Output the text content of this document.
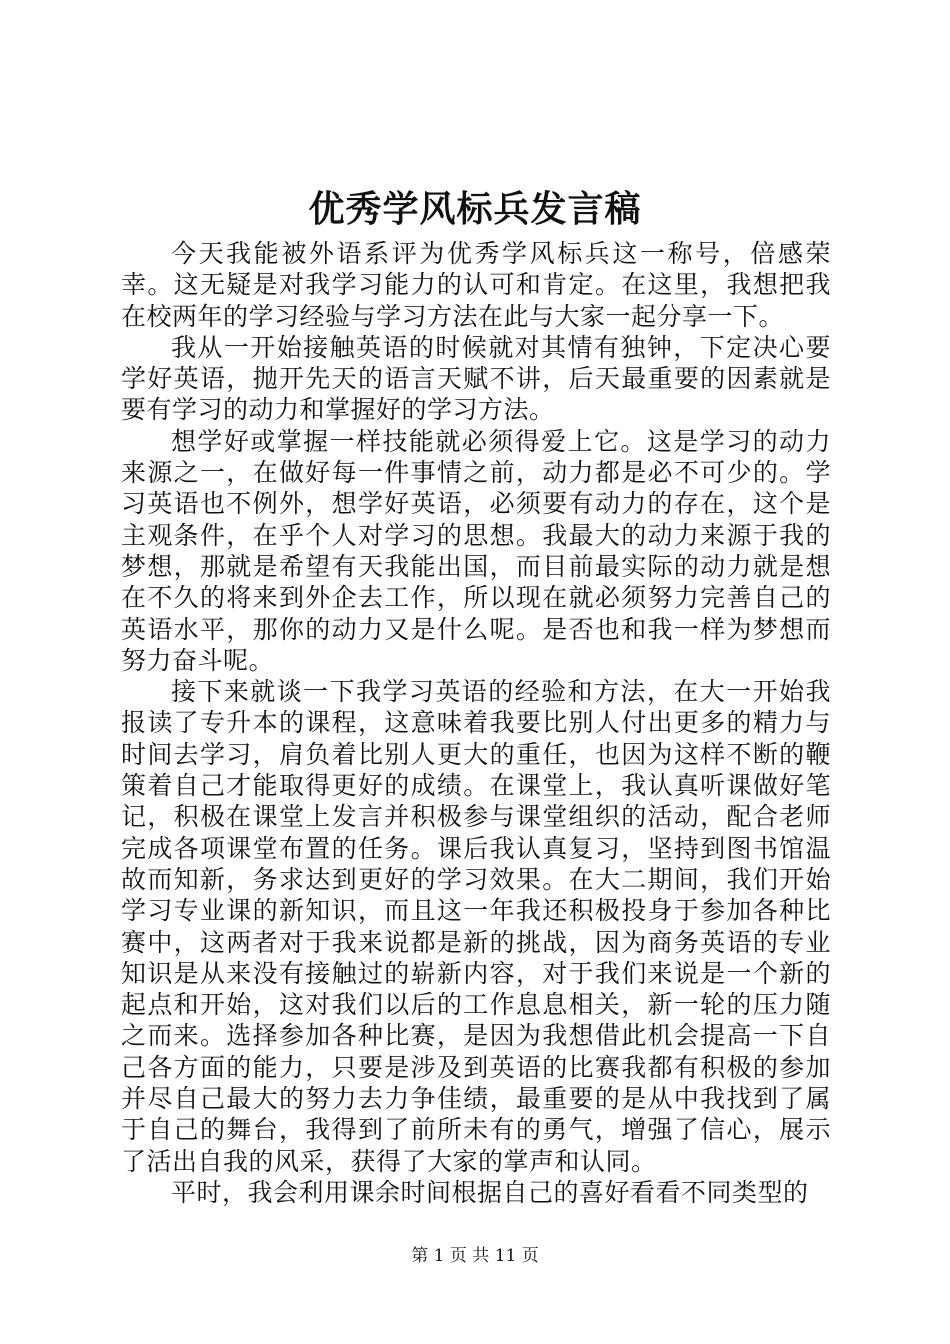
优秀学风标兵发言稿

今天我能被外语系评为优秀学风标兵这一称号，倍感荣幸。这无疑是对我学习能力的认可和肯定。在这里，我想把我在校两年的学习经验与学习方法在此与大家一起分享一下。

我从一开始接触英语的时候就对其情有独钟，下定决心要学好英语，抛开先天的语言天赋不讲，后天最重要的因素就是要有学习的动力和掌握好的学习方法。

想学好或掌握一样技能就必须得爱上它。这是学习的动力来源之一，在做好每一件事情之前，动力都是必不可少的。学习英语也不例外，想学好英语，必须要有动力的存在，这个是主观条件，在乎个人对学习的思想。我最大的动力来源于我的梦想，那就是希望有天我能出国，而目前最实际的动力就是想在不久的将来到外企去工作，所以现在就必须努力完善自己的英语水平，那你的动力又是什么呢。是否也和我一样为梦想而努力奋斗呢。

接下来就谈一下我学习英语的经验和方法，在大一开始我报读了专升本的课程，这意味着我要比别人付出更多的精力与时间去学习，肩负着比别人更大的重任，也因为这样不断的鞭策着自己才能取得更好的成绩。在课堂上，我认真听课做好笔记，积极在课堂上发言并积极参与课堂组织的活动，配合老师完成各项课堂布置的任务。课后我认真复习，坚持到图书馆温故而知新，务求达到更好的学习效果。在大二期间，我们开始学习专业课的新知识，而且这一年我还积极投身于参加各种比赛中，这两者对于我来说都是新的挑战，因为商务英语的专业知识是从来没有接触过的崭新内容，对于我们来说是一个新的起点和开始，这对我们以后的工作息息相关，新一轮的压力随之而来。选择参加各种比赛，是因为我想借此机会提高一下自己各方面的能力，只要是涉及到英语的比赛我都有积极的参加并尽自己最大的努力去力争佳绩，最重要的是从中我找到了属于自己的舞台，我得到了前所未有的勇气，增强了信心，展示了活出自我的风采，获得了大家的掌声和认同。

平时，我会利用课余时间根据自己的喜好看看不同类型的

第 1 页 共 11 页
